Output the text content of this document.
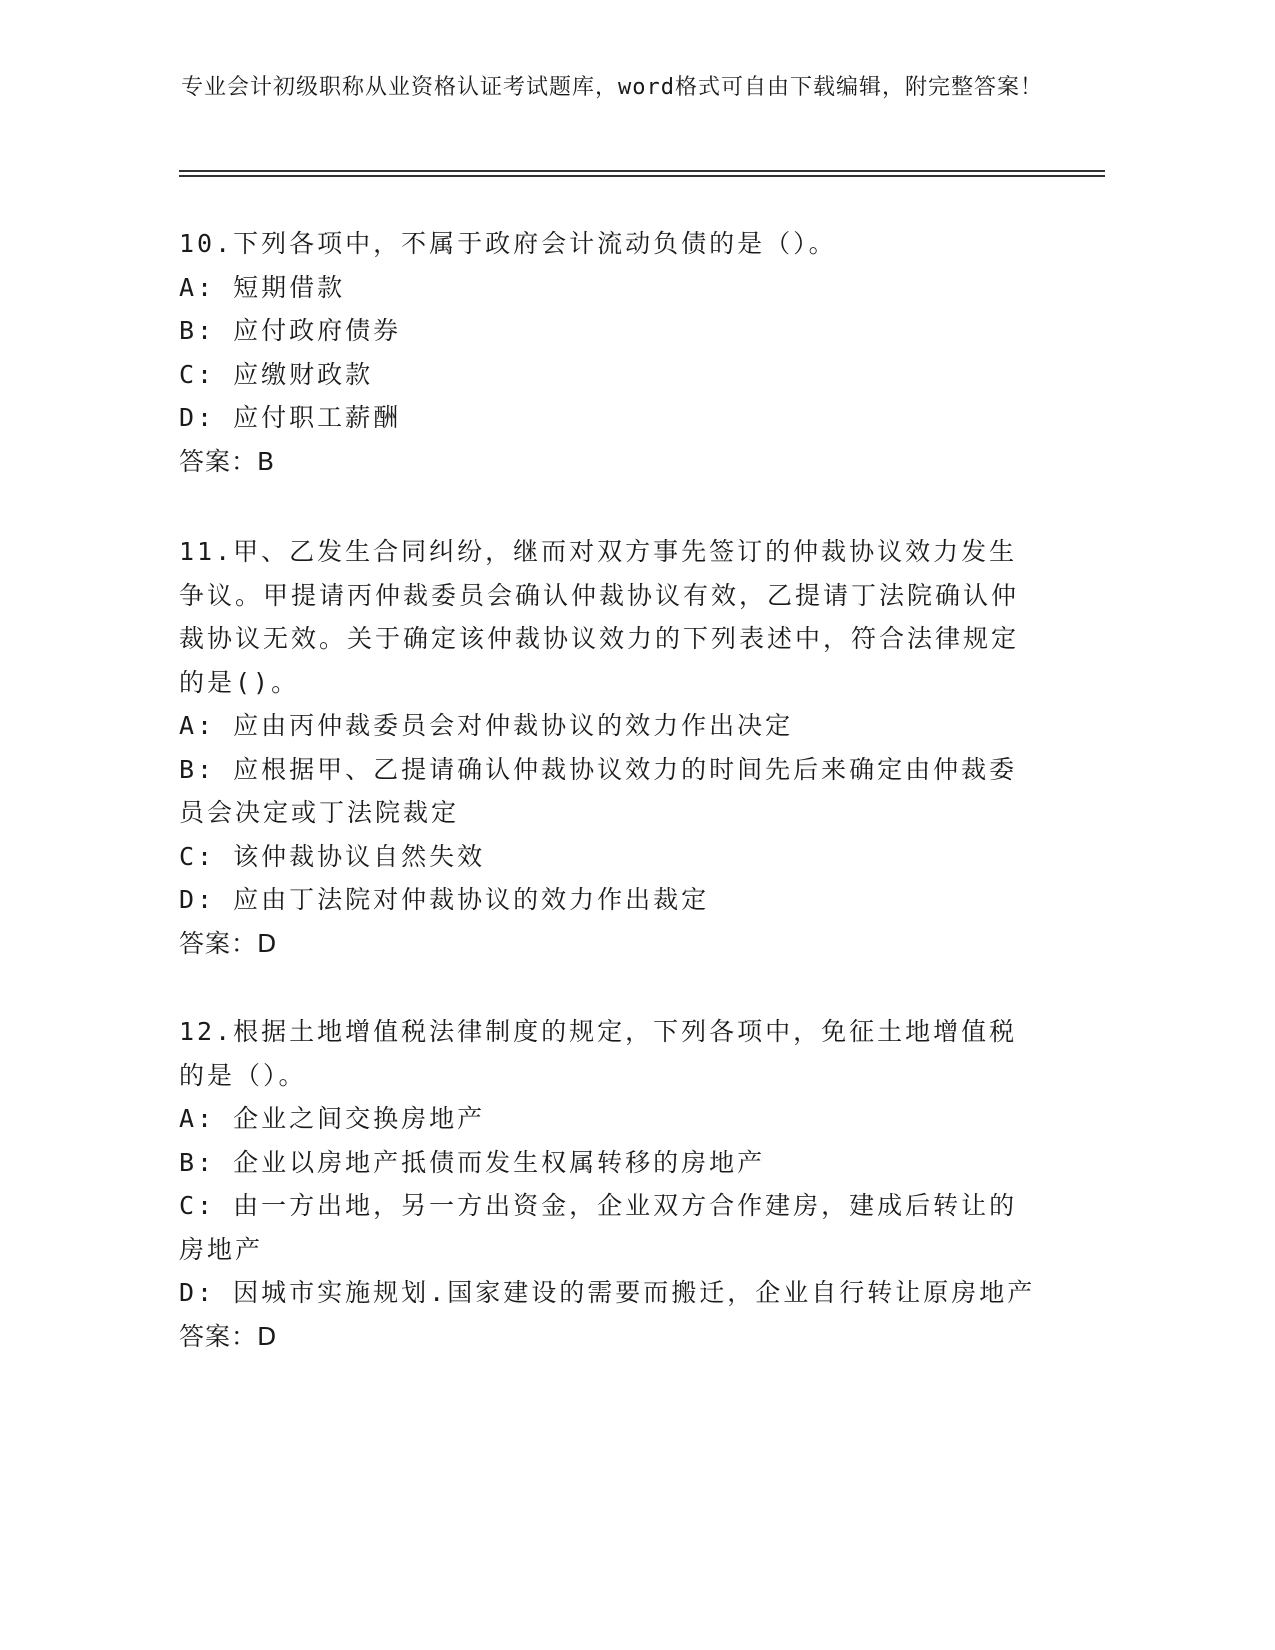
专业会计初级职称从业资格认证考试题库，word格式可自由下载编辑，附完整答案！
10.下列各项中，不属于政府会计流动负债的是（）。
A: 短期借款
B: 应付政府债券
C: 应缴财政款
D: 应付职工薪酬
答案：B
11.甲、乙发生合同纠纷，继而对双方事先签订的仲裁协议效力发生争议。甲提请丙仲裁委员会确认仲裁协议有效，乙提请丁法院确认仲裁协议无效。关于确定该仲裁协议效力的下列表述中，符合法律规定的是()。
A: 应由丙仲裁委员会对仲裁协议的效力作出决定
B: 应根据甲、乙提请确认仲裁协议效力的时间先后来确定由仲裁委员会决定或丁法院裁定
C: 该仲裁协议自然失效
D: 应由丁法院对仲裁协议的效力作出裁定
答案：D
12.根据土地增值税法律制度的规定，下列各项中，免征土地增值税的是（）。
A: 企业之间交换房地产
B: 企业以房地产抵债而发生权属转移的房地产
C: 由一方出地，另一方出资金，企业双方合作建房，建成后转让的房地产
D: 因城市实施规划.国家建设的需要而搬迁，企业自行转让原房地产
答案：D
